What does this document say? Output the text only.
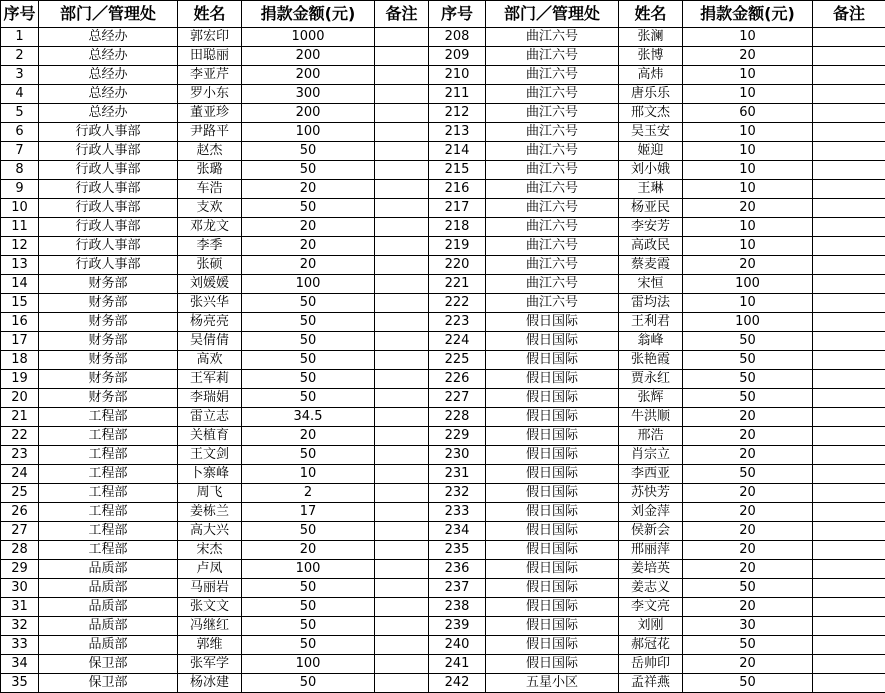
序号	部门／管理处	姓名	捐款金额(元)	备注	序号	部门／管理处	姓名	捐款金额(元)	备注
1	总经办	郭宏印	1000		208	曲江六号	张澜	10	
2	总经办	田聪丽	200		209	曲江六号	张博	20	
3	总经办	李亚芹	200		210	曲江六号	高炜	10	
4	总经办	罗小东	300		211	曲江六号	唐乐乐	10	
5	总经办	董亚珍	200		212	曲江六号	邢文杰	60	
6	行政人事部	尹路平	100		213	曲江六号	吴玉安	10	
7	行政人事部	赵杰	50		214	曲江六号	姬迎	10	
8	行政人事部	张璐	50		215	曲江六号	刘小娥	10	
9	行政人事部	车浩	20		216	曲江六号	王琳	10	
10	行政人事部	支欢	50		217	曲江六号	杨亚民	20	
11	行政人事部	邓龙文	20		218	曲江六号	李安芳	10	
12	行政人事部	李季	20		219	曲江六号	高政民	10	
13	行政人事部	张硕	20		220	曲江六号	蔡麦霞	20	
14	财务部	刘媛媛	100		221	曲江六号	宋恒	100	
15	财务部	张兴华	50		222	曲江六号	雷均法	10	
16	财务部	杨亮亮	50		223	假日国际	王利君	100	
17	财务部	吴倩倩	50		224	假日国际	翁峰	50	
18	财务部	高欢	50		225	假日国际	张艳霞	50	
19	财务部	王军莉	50		226	假日国际	贾永红	50	
20	财务部	李瑞娟	50		227	假日国际	张辉	50	
21	工程部	雷立志	34.5		228	假日国际	牛洪顺	20	
22	工程部	关植育	20		229	假日国际	邢浩	20	
23	工程部	王文剑	50		230	假日国际	肖宗立	20	
24	工程部	卜寨峰	10		231	假日国际	李西亚	50	
25	工程部	周飞	2		232	假日国际	苏快芳	20	
26	工程部	姜栋兰	17		233	假日国际	刘金萍	20	
27	工程部	高大兴	50		234	假日国际	侯新会	20	
28	工程部	宋杰	20		235	假日国际	邢丽萍	20	
29	品质部	卢凤	100		236	假日国际	姜培英	20	
30	品质部	马丽岩	50		237	假日国际	姜志义	50	
31	品质部	张文文	50		238	假日国际	李文亮	20	
32	品质部	冯继红	50		239	假日国际	刘刚	30	
33	品质部	郭维	50		240	假日国际	郝冠花	50	
34	保卫部	张军学	100		241	假日国际	岳帅印	20	
35	保卫部	杨冰建	50		242	五星小区	孟祥燕	50	
